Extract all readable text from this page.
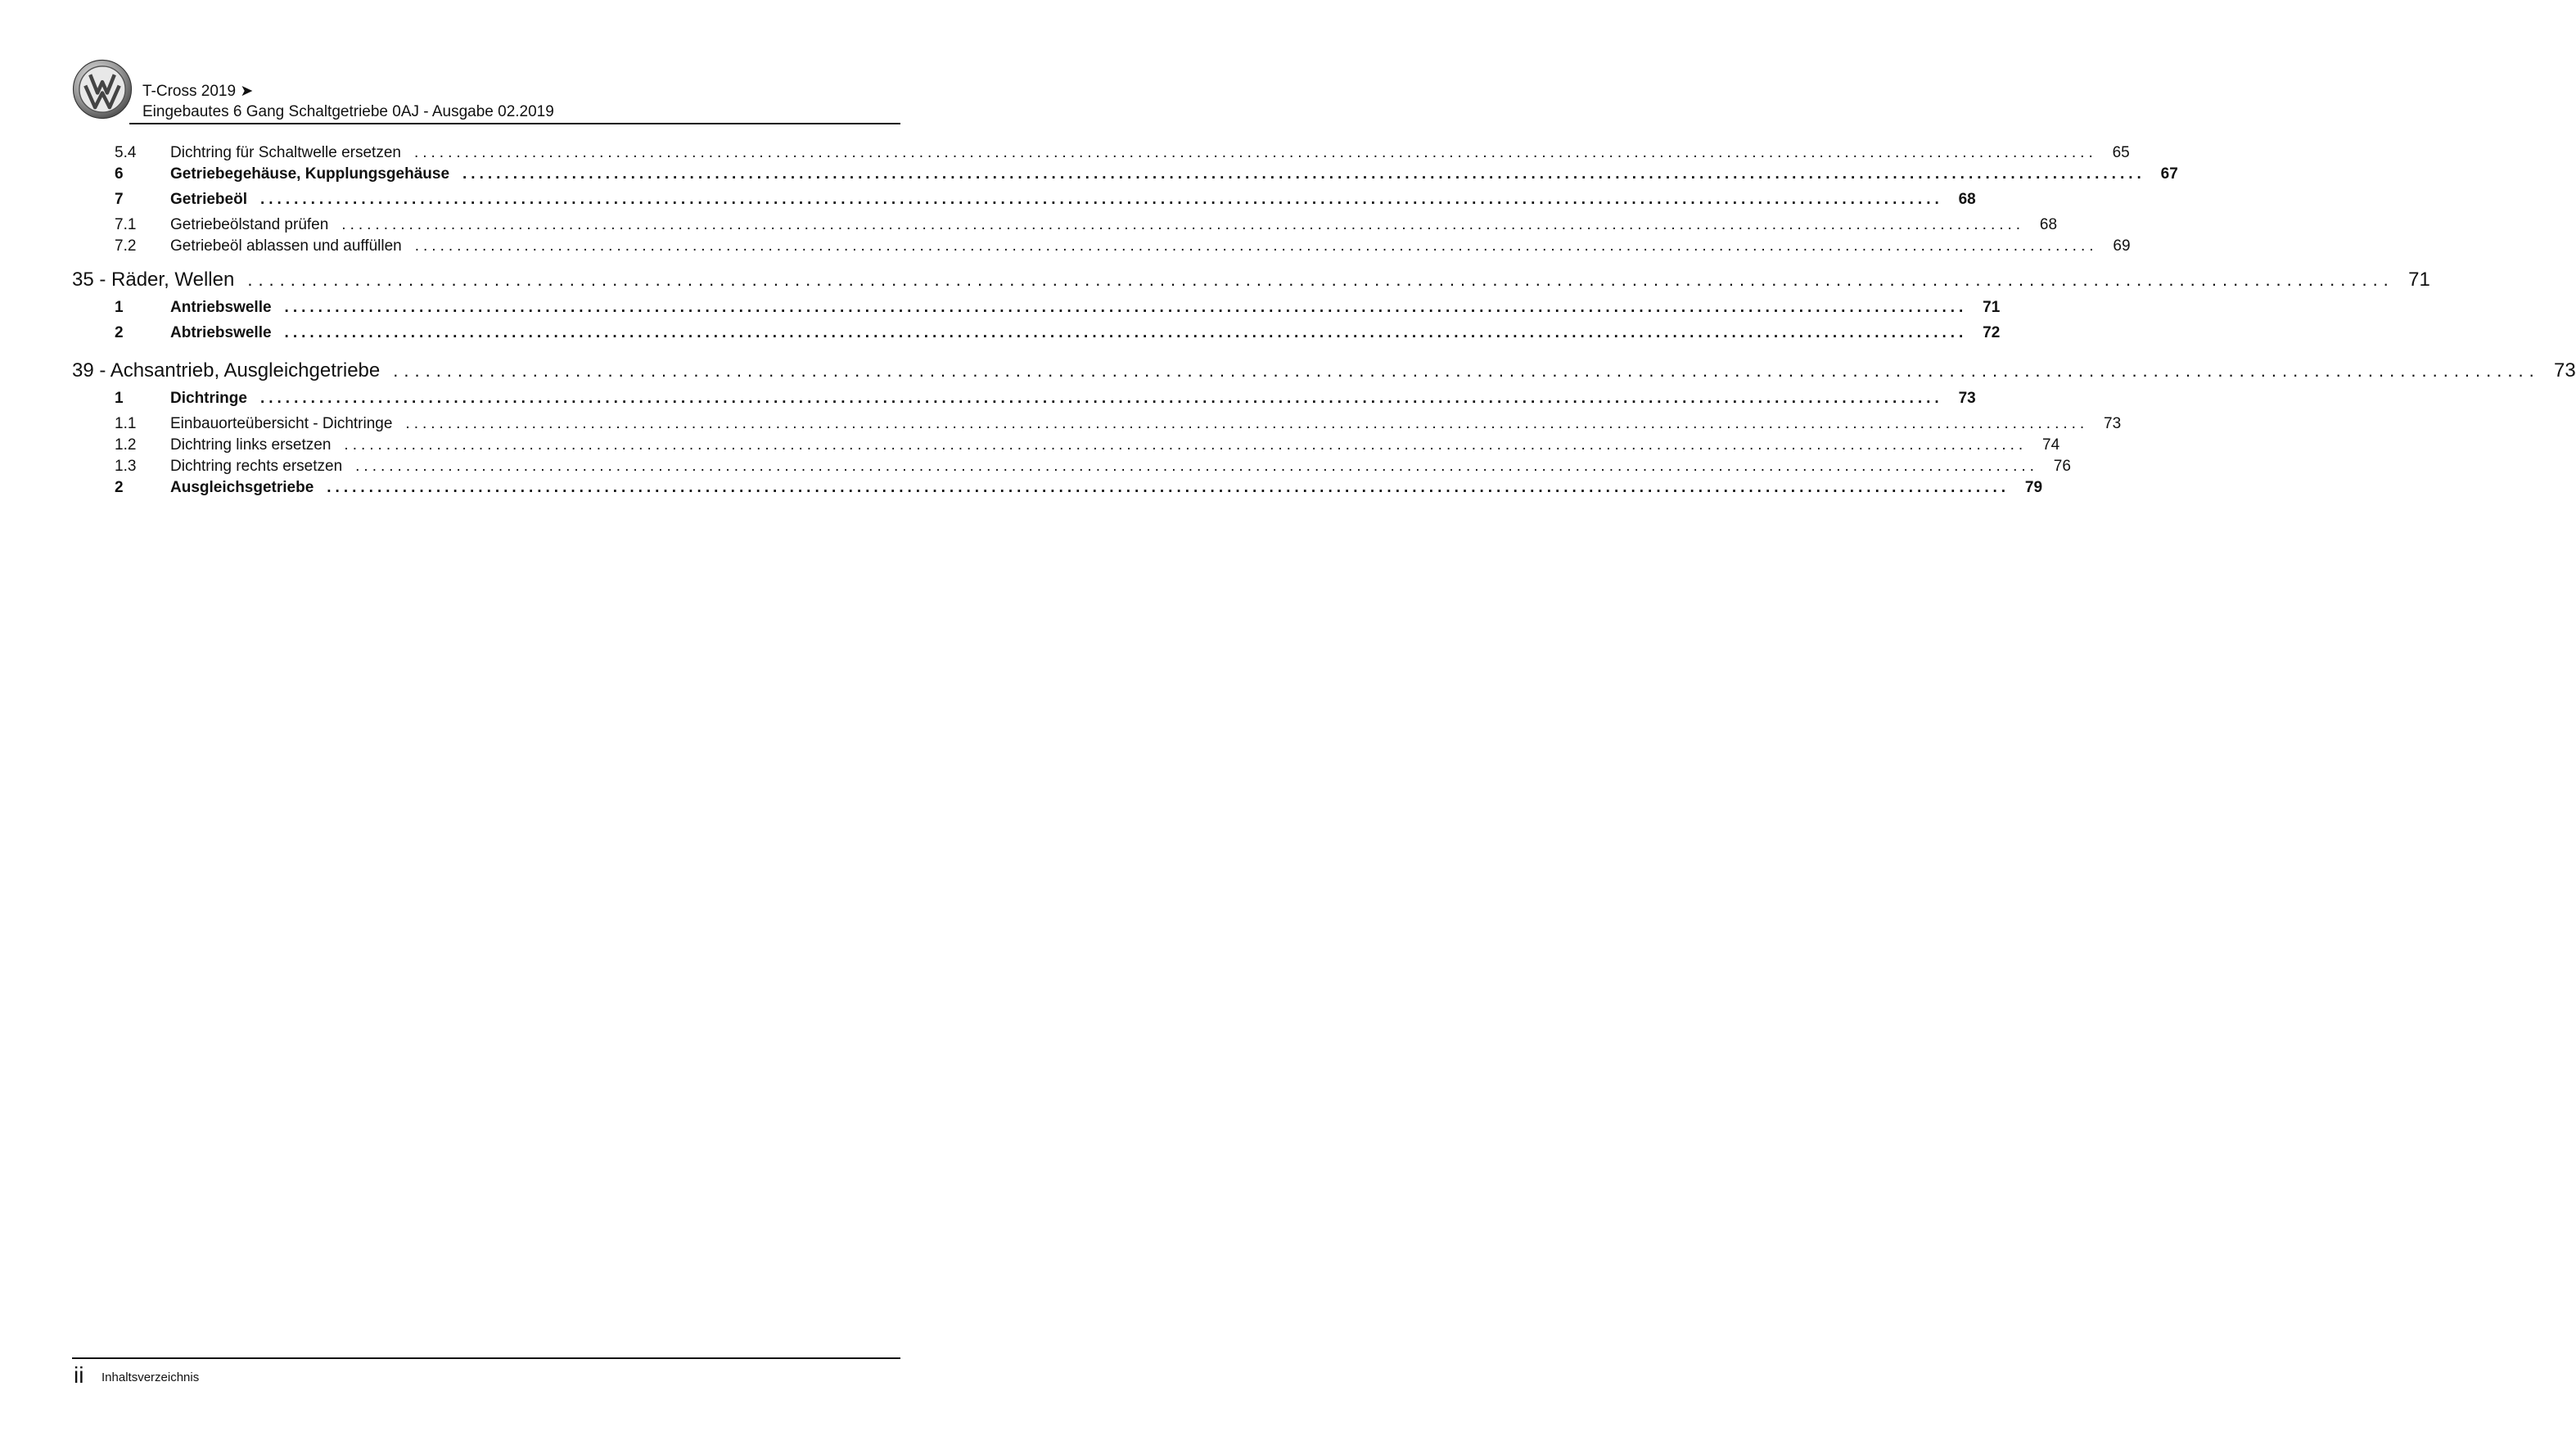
T-Cross 2019 ➤
Eingebautes 6 Gang Schaltgetriebe 0AJ - Ausgabe 02.2019
5.4	Dichtring für Schaltwelle ersetzen ........................................................................................................................................................................................................ 65
6	Getriebegehäuse, Kupplungsgehäuse ........................................................................................................................................................................................................ 67
7	Getriebeöl ........................................................................................................................................................................................................ 68
7.1	Getriebeölstand prüfen ........................................................................................................................................................................................................ 68
7.2	Getriebeöl ablassen und auffüllen ........................................................................................................................................................................................................ 69
35 - Räder, Wellen ........................................................................................................................................................................................................ 71
1	Antriebswelle ........................................................................................................................................................................................................ 71
2	Abtriebswelle ........................................................................................................................................................................................................ 72
39 - Achsantrieb, Ausgleichgetriebe ........................................................................................................................................................................................................ 73
1	Dichtringe ........................................................................................................................................................................................................ 73
1.1	Einbauorteübersicht - Dichtringe ........................................................................................................................................................................................................ 73
1.2	Dichtring links ersetzen ........................................................................................................................................................................................................ 74
1.3	Dichtring rechts ersetzen ........................................................................................................................................................................................................ 76
2	Ausgleichsgetriebe ........................................................................................................................................................................................................ 79
ii Inhaltsverzeichnis
